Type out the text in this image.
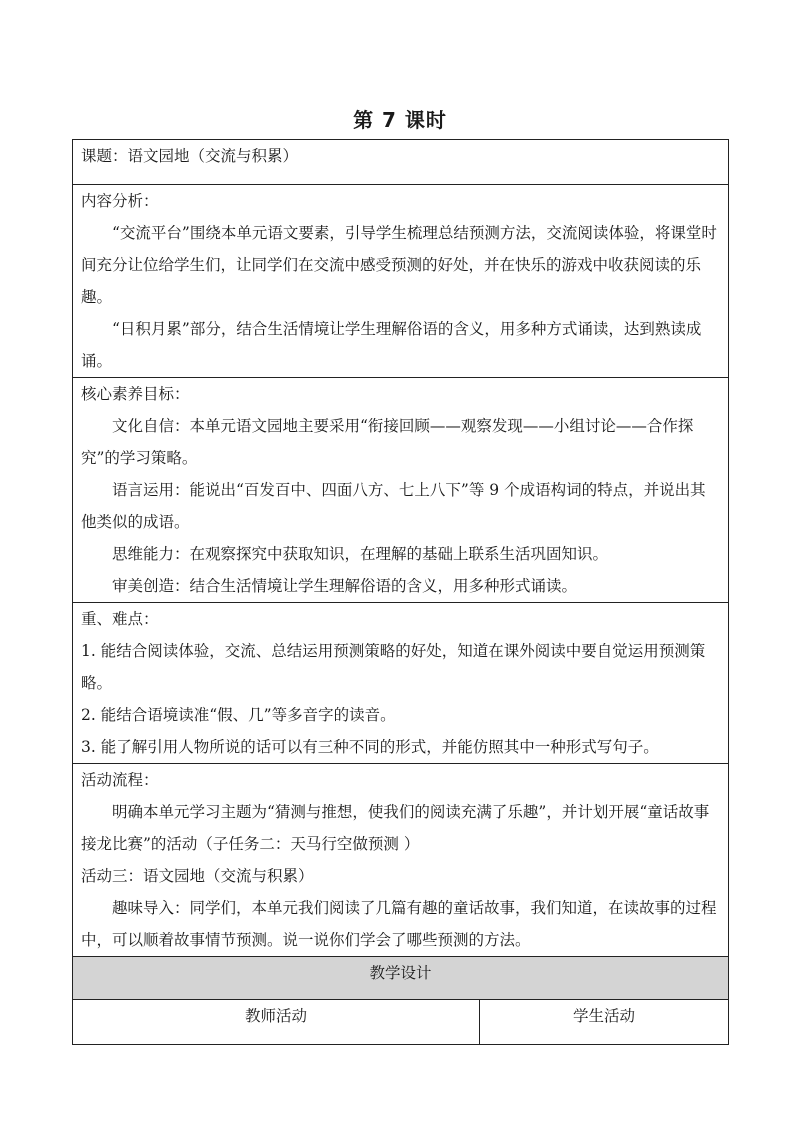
第 7 课时
课题：语文园地（交流与积累）

内容分析：

“交流平台”围绕本单元语文要素，引导学生梳理总结预测方法，交流阅读体验，将课堂时间充分让位给学生们，让同学们在交流中感受预测的好处，并在快乐的游戏中收获阅读的乐趣。

“日积月累”部分，结合生活情境让学生理解俗语的含义，用多种方式诵读，达到熟读成诵。

核心素养目标：

文化自信：本单元语文园地主要采用“衔接回顾——观察发现——小组讨论——合作探究”的学习策略。

语言运用：能说出“百发百中、四面八方、七上八下”等 9 个成语构词的特点，并说出其他类似的成语。

思维能力：在观察探究中获取知识，在理解的基础上联系生活巩固知识。

审美创造：结合生活情境让学生理解俗语的含义，用多种形式诵读。

重、难点：

1. 能结合阅读体验，交流、总结运用预测策略的好处，知道在课外阅读中要自觉运用预测策略。

2. 能结合语境读准“假、几”等多音字的读音。

3. 能了解引用人物所说的话可以有三种不同的形式，并能仿照其中一种形式写句子。

活动流程：

明确本单元学习主题为“猜测与推想，使我们的阅读充满了乐趣”，并计划开展“童话故事接龙比赛”的活动（子任务二：天马行空做预测 ）

活动三：语文园地（交流与积累）

趣味导入：同学们，本单元我们阅读了几篇有趣的童话故事，我们知道，在读故事的过程中，可以顺着故事情节预测。说一说你们学会了哪些预测的方法。

教学设计
教师活动	学生活动
